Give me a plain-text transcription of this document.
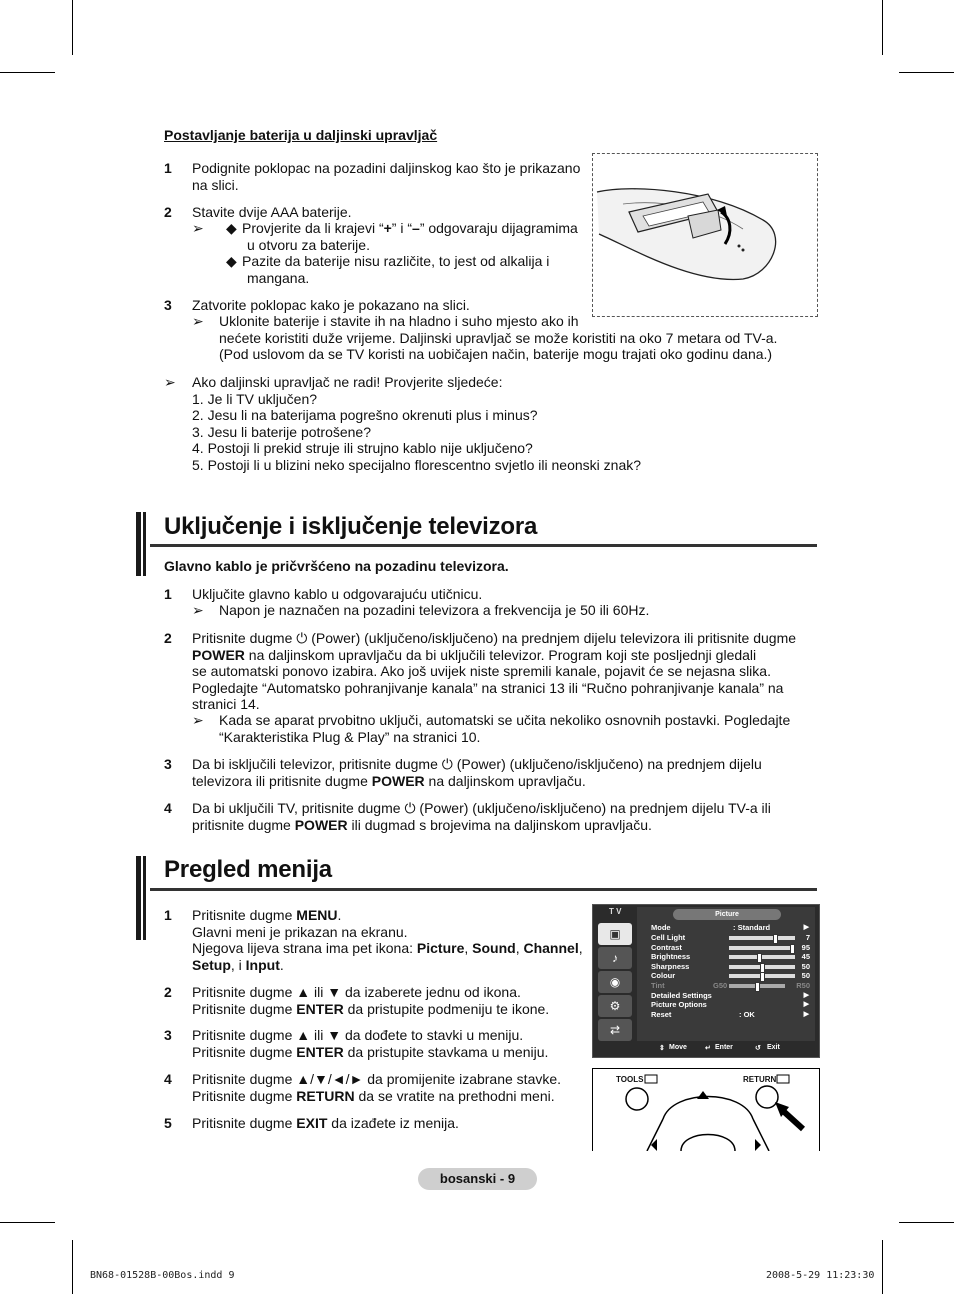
Postavljanje baterija u daljinski upravljač
1 Podignite poklopac na pozadini daljinskog kao što je prikazano
na slici.
2 Stavite dvije AAA baterije.
➢ ◆ Provjerite da li krajevi “+” i “–” odgovaraju dijagramima
u otvoru za baterije.
◆ Pazite da baterije nisu različite, to jest od alkalija i
mangana.
3 Zatvorite poklopac kako je pokazano na slici.
➢ Uklonite baterije i stavite ih na hladno i suho mjesto ako ih
nećete koristiti duže vrijeme. Daljinski upravljač se može koristiti na oko 7 metara od TV-a.
(Pod uslovom da se TV koristi na uobičajen način, baterije mogu trajati oko godinu dana.)
➢ Ako daljinski upravljač ne radi! Provjerite sljedeće:
1. Je li TV uključen?
2. Jesu li na baterijama pogrešno okrenuti plus i minus?
3. Jesu li baterije potrošene?
4. Postoji li prekid struje ili strujno kablo nije uključeno?
5. Postoji li u blizini neko specijalno florescentno svjetlo ili neonski znak?
Uključenje i isključenje televizora
Glavno kablo je pričvršćeno na pozadinu televizora.
1 Uključite glavno kablo u odgovarajuću utičnicu.
➢ Napon je naznačen na pozadini televizora a frekvencija je 50 ili 60Hz.
2 Pritisnite dugme ⏻ (Power) (uključeno/isključeno) na prednjem dijelu televizora ili pritisnite dugme
POWER na daljinskom upravljaču da bi uključili televizor. Program koji ste posljednji gledali
se automatski ponovo izabira. Ako još uvijek niste spremili kanale, pojavit će se nejasna slika.
Pogledajte “Automatsko pohranjivanje kanala” na stranici 13 ili “Ručno pohranjivanje kanala” na
stranici 14.
➢ Kada se aparat prvobitno uključi, automatski se učita nekoliko osnovnih postavki. Pogledajte
“Karakteristika Plug & Play” na stranici 10.
3 Da bi isključili televizor, pritisnite dugme ⏻ (Power) (uključeno/isključeno) na prednjem dijelu
televizora ili pritisnite dugme POWER na daljinskom upravljaču.
4 Da bi uključili TV, pritisnite dugme ⏻ (Power) (uključeno/isključeno) na prednjem dijelu TV-a ili
pritisnite dugme POWER ili dugmad s brojevima na daljinskom upravljaču.
Pregled menija
1 Pritisnite dugme MENU.
Glavni meni je prikazan na ekranu.
Njegova lijeva strana ima pet ikona: Picture, Sound, Channel,
Setup, i Input.
2 Pritisnite dugme ▲ ili ▼ da izaberete jednu od ikona.
Pritisnite dugme ENTER da pristupite podmeniju te ikone.
3 Pritisnite dugme ▲ ili ▼ da dođete to stavki u meniju.
Pritisnite dugme ENTER da pristupite stavkama u meniju.
4 Pritisnite dugme ▲/▼/◄/► da promijenite izabrane stavke.
Pritisnite dugme RETURN da se vratite na prethodni meni.
5 Pritisnite dugme EXIT da izađete iz menija.
T V
▣
♪
◉
⚙
⇄
Picture
Mode	: Standard	▶
Cell Light	7
Contrast	95
Brightness	45
Sharpness	50
Colour	50
Tint	G50	R50
Detailed Settings	▶
Picture Options	▶
Reset	: OK	▶
⇕ Move	↵ Enter	↺ Exit
TOOLS	RETURN
bosanski - 9
BN68-01528B-00Bos.indd 9	2008-5-29 11:23:30
